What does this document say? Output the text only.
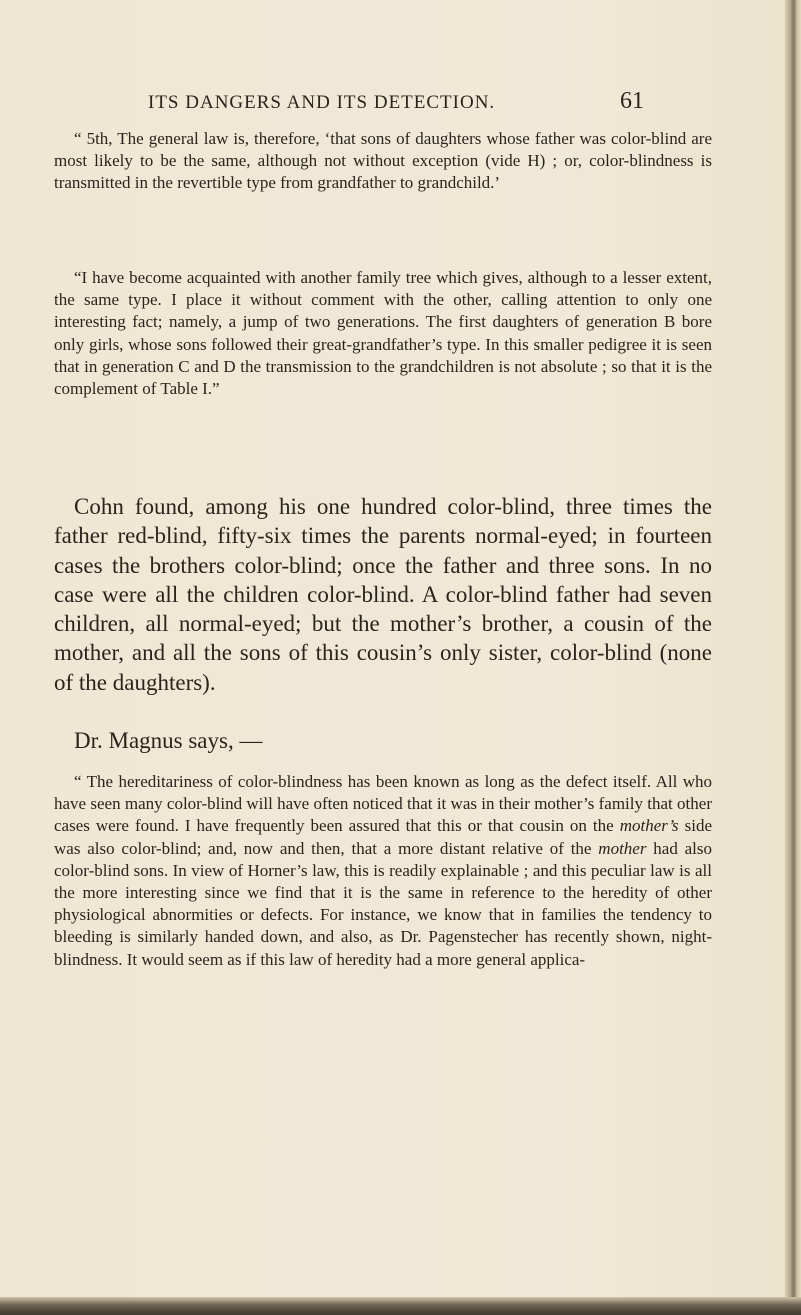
ITS DANGERS AND ITS DETECTION.	61

“ 5th, The general law is, therefore, ‘that sons of daughters whose father was color-blind are most likely to be the same, although not without exception (vide H) ; or, color-blindness is transmitted in the revertible type from grandfather to grandchild.’

“I have become acquainted with another family tree which gives, although to a lesser extent, the same type. I place it without comment with the other, calling attention to only one interesting fact; namely, a jump of two generations. The first daughters of generation B bore only girls, whose sons followed their great-grandfather’s type. In this smaller pedigree it is seen that in generation C and D the transmission to the grandchildren is not absolute ; so that it is the complement of Table I.”

Cohn found, among his one hundred color-blind, three times the father red-blind, fifty-six times the parents normal-eyed; in fourteen cases the brothers color-blind; once the father and three sons. In no case were all the children color-blind. A color-blind father had seven children, all normal-eyed; but the mother’s brother, a cousin of the mother, and all the sons of this cousin’s only sister, color-blind (none of the daughters).

Dr. Magnus says, —

“ The hereditariness of color-blindness has been known as long as the defect itself. All who have seen many color-blind will have often noticed that it was in their mother’s family that other cases were found. I have frequently been assured that this or that cousin on the mother’s side was also color-blind; and, now and then, that a more distant relative of the mother had also color-blind sons. In view of Horner’s law, this is readily explainable ; and this peculiar law is all the more interesting since we find that it is the same in reference to the heredity of other physiological abnormities or defects. For instance, we know that in families the tendency to bleeding is similarly handed down, and also, as Dr. Pagenstecher has recently shown, night-blindness. It would seem as if this law of heredity had a more general applica-
